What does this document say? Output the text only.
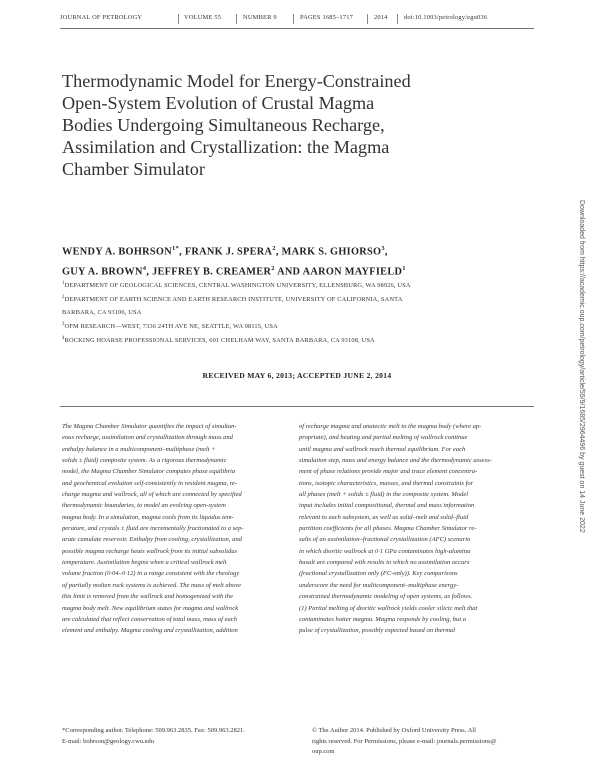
JOURNAL OF PETROLOGY	VOLUME 55	NUMBER 9	PAGES 1685–1717	2014	doi:10.1093/petrology/egu036
Thermodynamic Model for Energy-Constrained
Open-System Evolution of Crustal Magma
Bodies Undergoing Simultaneous Recharge,
Assimilation and Crystallization: the Magma
Chamber Simulator
WENDY A. $BOHRSON^{1*}$, FRANK J. SPERA$^2$, MARK S. GHIORSO$^3$,
GUY A. BROWN$^4$, JEFFREY B. CREAMER$^2$ AND AARON MAYFIELD$^1$
$^1$DEPARTMENT OF GEOLOGICAL SCIENCES, CENTRAL WASHINGTON UNIVERSITY, ELLENSBURG, WA 98926, USA
$^2$DEPARTMENT OF EARTH SCIENCE AND EARTH RESEARCH INSTITUTE, UNIVERSITY OF CALIFORNIA, SANTA
BARBARA, CA 93106, USA
$^3$OFM RESEARCH—WEST, 7336 24TH AVE NE, SEATTLE, WA 98115, USA
$^4$ROCKING HOARSE PROFESSIONAL SERVICES, 601 CHELHAM WAY, SANTA BARBARA, CA 93108, USA
RECEIVED MAY 6, 2013; ACCEPTED JUNE 2, 2014
The Magma Chamber Simulator quantifies the impact of simultan-
eous recharge, assimilation and crystallization through mass and
enthalpy balance in a multicomponent–multiphase (melt +
solids ± fluid) composite system. As a rigorous thermodynamic
model, the Magma Chamber Simulator computes phase equilibria
and geochemical evolution self-consistently in resident magma, re-
charge magma and wallrock, all of which are connected by specified
thermodynamic boundaries, to model an evolving open-system
magma body. In a simulation, magma cools from its liquidus tem-
perature, and crystals ± fluid are incrementally fractionated to a sep-
arate cumulate reservoir. Enthalpy from cooling, crystallization, and
possible magma recharge heats wallrock from its initial subsolidus
temperature. Assimilation begins when a critical wallrock melt
volume fraction (0·04–0·12) in a range consistent with the rheology
of partially molten rock systems is achieved. The mass of melt above
this limit is removed from the wallrock and homogenized with the
magma body melt. New equilibrium states for magma and wallrock
are calculated that reflect conservation of total mass, mass of each
element and enthalpy. Magma cooling and crystallization, addition
of recharge magma and anatectic melt to the magma body (where ap-
propriate), and heating and partial melting of wallrock continue
until magma and wallrock reach thermal equilibrium. For each
simulation step, mass and energy balance and the thermodynamic assess-
ment of phase relations provide major and trace element concentra-
tions, isotopic characteristics, masses, and thermal constraints for
all phases (melt + solids ± fluid) in the composite system. Model
input includes initial compositional, thermal and mass information
relevant to each subsystem, as well as solid–melt and solid–fluid
partition coefficients for all phases. Magma Chamber Simulator re-
sults of an assimilation–fractional crystallization (AFC) scenario
in which dioritic wallrock at 0·1 GPa contaminates high-alumina
basalt are compared with results in which no assimilation occurs
(fractional crystallization only (FC-only)). Key comparisons
underscore the need for multicomponent–multiphase energy-
constrained thermodynamic modeling of open systems, as follows.
(1) Partial melting of dioritic wallrock yields cooler silicic melt that
contaminates hotter magma. Magma responds by cooling, but a
pulse of crystallization, possibly expected based on thermal
*Corresponding author. Telephone: 509.963.2835. Fax: 509.963.2821.
E-mail: bohrson@geology.cwu.edu
© The Author 2014. Published by Oxford University Press. All
rights reserved. For Permissions, please e-mail: journals.permissions@
oup.com
Downloaded from https://academic.oup.com/petrology/article/55/9/1685/2964496 by guest on 14 June 2022
